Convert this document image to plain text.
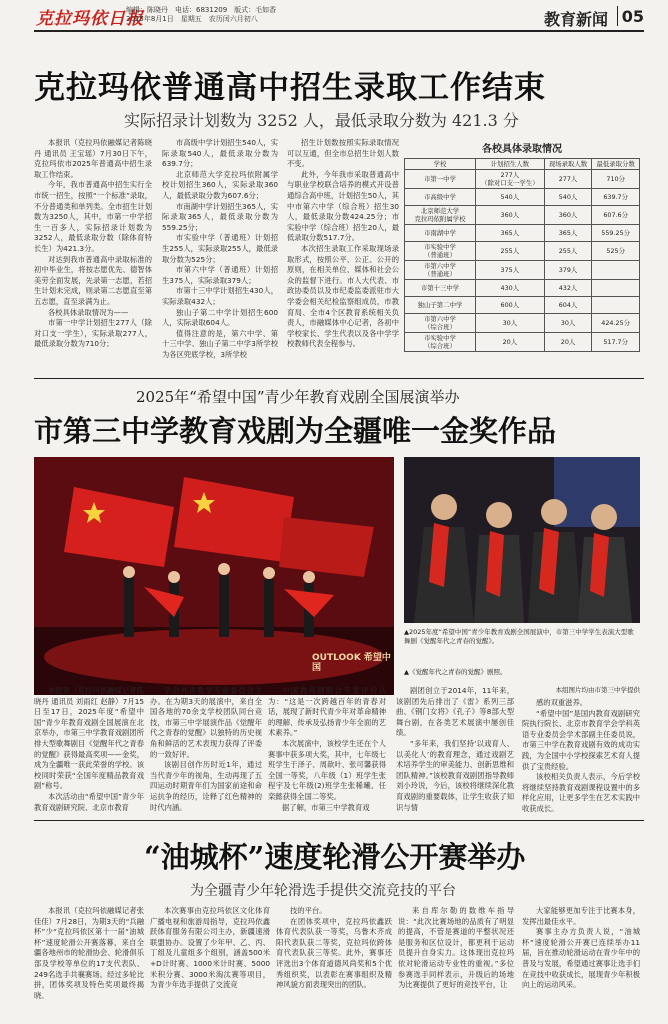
克拉玛依日报
编辑：陈晓丹　电话：6831209　版式：毛如香
2025年8月1日　星期五　农历闰六月初八	教育新闻 05
克拉玛依普通高中招生录取工作结束
实际招录计划数为 3252 人，最低录取分数为 421.3 分

本报讯（克拉玛依融媒记者陈晓丹 通讯员 王宝瑶）7月30日下午，克拉玛依市2025年普通高中招生录取工作结束。

今年，我市普通高中招生实行全市统一招生，按照“一个标准”录取，不分普通类和单列类。全市招生计划数为3250人，其中，市第一中学招生一百多人，实际招录计划数为3252人，最低录取分数（除体育特长生）为421.3分。

对达到我市普通高中录取标准的初中毕业生，将按志愿优先、德智体美劳全面发展，先录第一志愿，若招生计划未完成，则录第二志愿直至第五志愿，直至录满为止。

各校具体录取情况为——

市第一中学计划招生277人（除对口支一学生），实际录取277人，最低录取分数为710分；

市高级中学计划招生540人，实际录取540人，最低录取分数为639.7分；

北京师范大学克拉玛依附属学校计划招生360人，实际录取360人，最低录取分数为607.6分；

市南湖中学计划招生365人，实际录取365人，最低录取分数为559.25分；

市实验中学（普通班）计划招生255人，实际录取255人，最低录取分数为525分；

市第六中学（普通班）计划招生375人，实际录取379人；

市第十三中学计划招生430人，实际录取432人；

独山子第二中学计划招生600人，实际录取604人。

值得注意的是，第六中学、第十三中学、独山子第二中学3所学校为各区兜底学校，3所学校

招生计划数按照实际录取情况可以互通，但全市总招生计划人数不变。

此外，今年我市采取普通高中与职业学校联合培养的模式开设普通综合高中班，计划招生50人，其中市第六中学（综合班）招生30人，最低录取分数424.25分；市实验中学（综合班）招生20人，最低录取分数517.7分。

本次招生录取工作采取现场录取形式，按照公平、公正、公开的原则，在相关单位、媒体和社会公众的监督下进行。市人大代表、市政协委员以及市纪委监委派驻市大学委会相关纪检监察组成员，市教育局、全市4个区教育系统相关负责人，市融媒体中心记者，各初中学校家长、学生代表以及各中学学校教师代表全程参与。

各校具体录取情况
学校	计划招生人数	现场录取人数	最低录取分数
市第一中学	277人
（除对口支一学生）	277人	710分
市高级中学	540人	540人	639.7分
北京师范大学
克拉玛依附属学校	360人	360人	607.6分
市南湖中学	365人	365人	559.25分
市实验中学
（普通班）	255人	255人	525分
市第六中学
（普通班）	375人	379人	
市第十三中学	430人	432人	
独山子第二中学	600人	604人	
市第六中学
（综合班）	30人	30人	424.25分
市实验中学
（综合班）	20人	20人	517.7分
2025年“希望中国”青少年教育戏剧全国展演举办
市第三中学教育戏剧为全疆唯一金奖作品
OUTLOOK 希望中国
▲2025年度“希望中国”青少年教育戏剧全国展演中，市第三中学学生表演大型歌舞剧《觉醒年代之青春的觉醒》。
▲《觉醒年代之青春的觉醒》剧照。

本报讯（克拉玛依融媒记者陈晓丹 通讯员 刘雨红 赵静）7月15日至17日，2025年度“希望中国”青少年教育戏剧全国展演在北京举办，市第三中学教育戏剧团所排大型歌舞剧目《觉醒年代之青春的觉醒》获得最高奖项——金奖，成为全疆唯一获此荣誉的学校。该校同时荣获“全国年度精品教育戏剧”称号。

本次活动由“希望中国”青少年教育戏剧研究院、北京市教育

学会外语教学专业委员会主办。在为期3天的展演中，来自全国各地的70余支学校团队同台竞技，市第三中学展演作品《觉醒年代之青春的觉醒》以独特的历史视角和鲜活的艺术表现力获得了评委的一致好评。

该剧目创作历时近1年，通过当代青少年的视角，生动再现了五四运动时期青年们为国家前途和命运抗争的经历，诠释了红色精神的时代内涵。

中国教戏剧联合专家评价认为：“这是一次跨越百年的青春对话，展现了新时代青少年对革命精神的理解、传承及弘扬青少年全面的艺术素养。”

本次展演中，该校学生还在个人赛事中获多项大奖，其中，七年级七班学生于泽子、周歆叶、张可馨获得全国一等奖，八年级（1）班学生张程宇及七年级(2)班学生张稀曦、任栾懿获得全国二等奖。

据了解，市第三中学教育戏

剧团创立于2014年，11年来，该剧团先后排出了《雷》系列三部曲、《钢门女将》《孔子》等8部大型舞台剧，在各类艺术展演中屡创佳绩。

“多年来，我们坚持‘以戏育人、以美化人’的教育理念，通过戏剧艺术培养学生的审美能力、创新思维和团队精神。”该校教育戏剧团指导教师刘小玲说，今后，该校将继续深化教育戏剧的重要载体，让学生收获了知识与情

本组图片均由市第三中学提供

感的双重滋养。

“希望中国”是国内教育戏剧研究院执行院长、北京市教育学会学科英语专业委员会学术部副主任委员说，市第三中学在教育戏剧有效的成功实践，为全国中小学校探索艺术育人提供了宝贵经验。

该校相关负责人表示，今后学校将继续坚持教育戏剧课程设置中的多样化应用，让更多学生在艺术实践中收获成长。

“油城杯”速度轮滑公开赛举办
为全疆青少年轮滑选手提供交流竞技的平台

本报讯（克拉玛依融媒记者张佳佳）7月28日，为期3天的“兵融杯”少“克拉玛依区第十一届“油城杯”速度轮滑公开赛落幕，来自全疆各地州市的轮滑协会、轮滑俱乐部及学校等单位的17支代表队、249名选手共襄赛场。经过多轮比拼，团体奖项及特色奖项最终揭晓。

本次赛事由克拉玛依区文化体育广播电视和旅游局指导，克拉玛依鑫跃体育服务有限公司主办，新疆速滑联盟协办。设置了少年甲、乙、丙、丁组及儿童组多个组别，涵盖500米+D计时赛、1000米计时赛、5000米积分赛、3000米淘汰赛等项目，为青少年选手提供了交流竞

技的平台。

在团体奖项中，克拉玛依鑫跃体育代表队获一等奖，乌鲁木齐成阳代表队获二等奖，克拉玛依跨体育代表队获三等奖。此外，赛事还评选出3个体育道德风尚奖和5个优秀组织奖，以表彰在赛事组织及精神风貌方面表现突出的团队。

来自库尔勒的数维车指导说：“此次比赛场地的品质有了明显的提高，不管是赛道的平整状况还是服务和区位设计，都更利于运动员提升自身实力。这体现出克拉玛依对轮滑运动专业性的重视。”多位参赛选手同样表示，升级后的场地为比赛提供了更好的竞技平台，让

大家能够更加专注于比赛本身，发挥出最佳水平。

赛事主办方负责人说，“油城杯”速度轮滑公开赛已连续举办11届，旨在推动轮滑运动在青少年中的普及与发展，希望通过赛事让选手们在竞技中收获成长，展现青少年积极向上的运动风采。
